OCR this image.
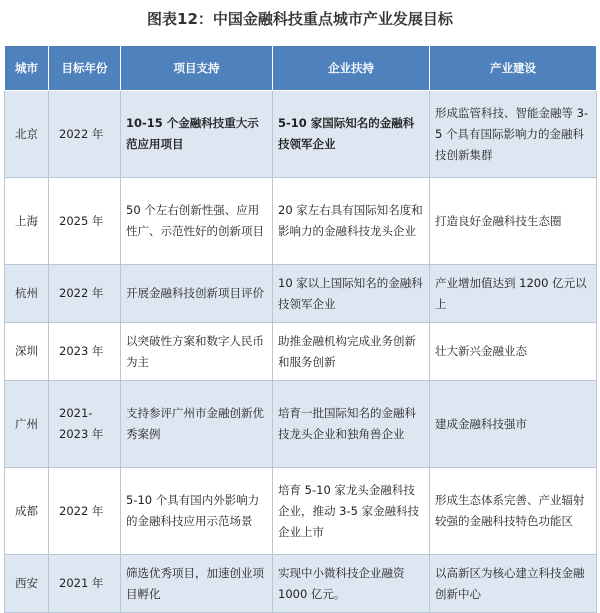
图表12：中国金融科技重点城市产业发展目标
城市	目标年份	项目支持	企业扶持	产业建设
北京	2022 年	10-15 个金融科技重大示范应用项目	5-10 家国际知名的金融科技领军企业	形成监管科技、智能金融等 3-5 个具有国际影响力的金融科技创新集群
上海	2025 年	50 个左右创新性强、应用性广、示范性好的创新项目	20 家左右具有国际知名度和影响力的金融科技龙头企业	打造良好金融科技生态圈
杭州	2022 年	开展金融科技创新项目评价	10 家以上国际知名的金融科技领军企业	产业增加值达到 1200 亿元以上
深圳	2023 年	以突破性方案和数字人民币为主	助推金融机构完成业务创新和服务创新	壮大新兴金融业态
广州	2021-2023 年	支持参评广州市金融创新优秀案例	培育一批国际知名的金融科技龙头企业和独角兽企业	建成金融科技强市
成都	2022 年	5-10 个具有国内外影响力的金融科技应用示范场景	培育 5-10 家龙头金融科技企业，推动 3-5 家金融科技企业上市	形成生态体系完善、产业辐射较强的金融科技特色功能区
西安	2021 年	筛选优秀项目，加速创业项目孵化	实现中小微科技企业融资 1000 亿元。	以高新区为核心建立科技金融创新中心
